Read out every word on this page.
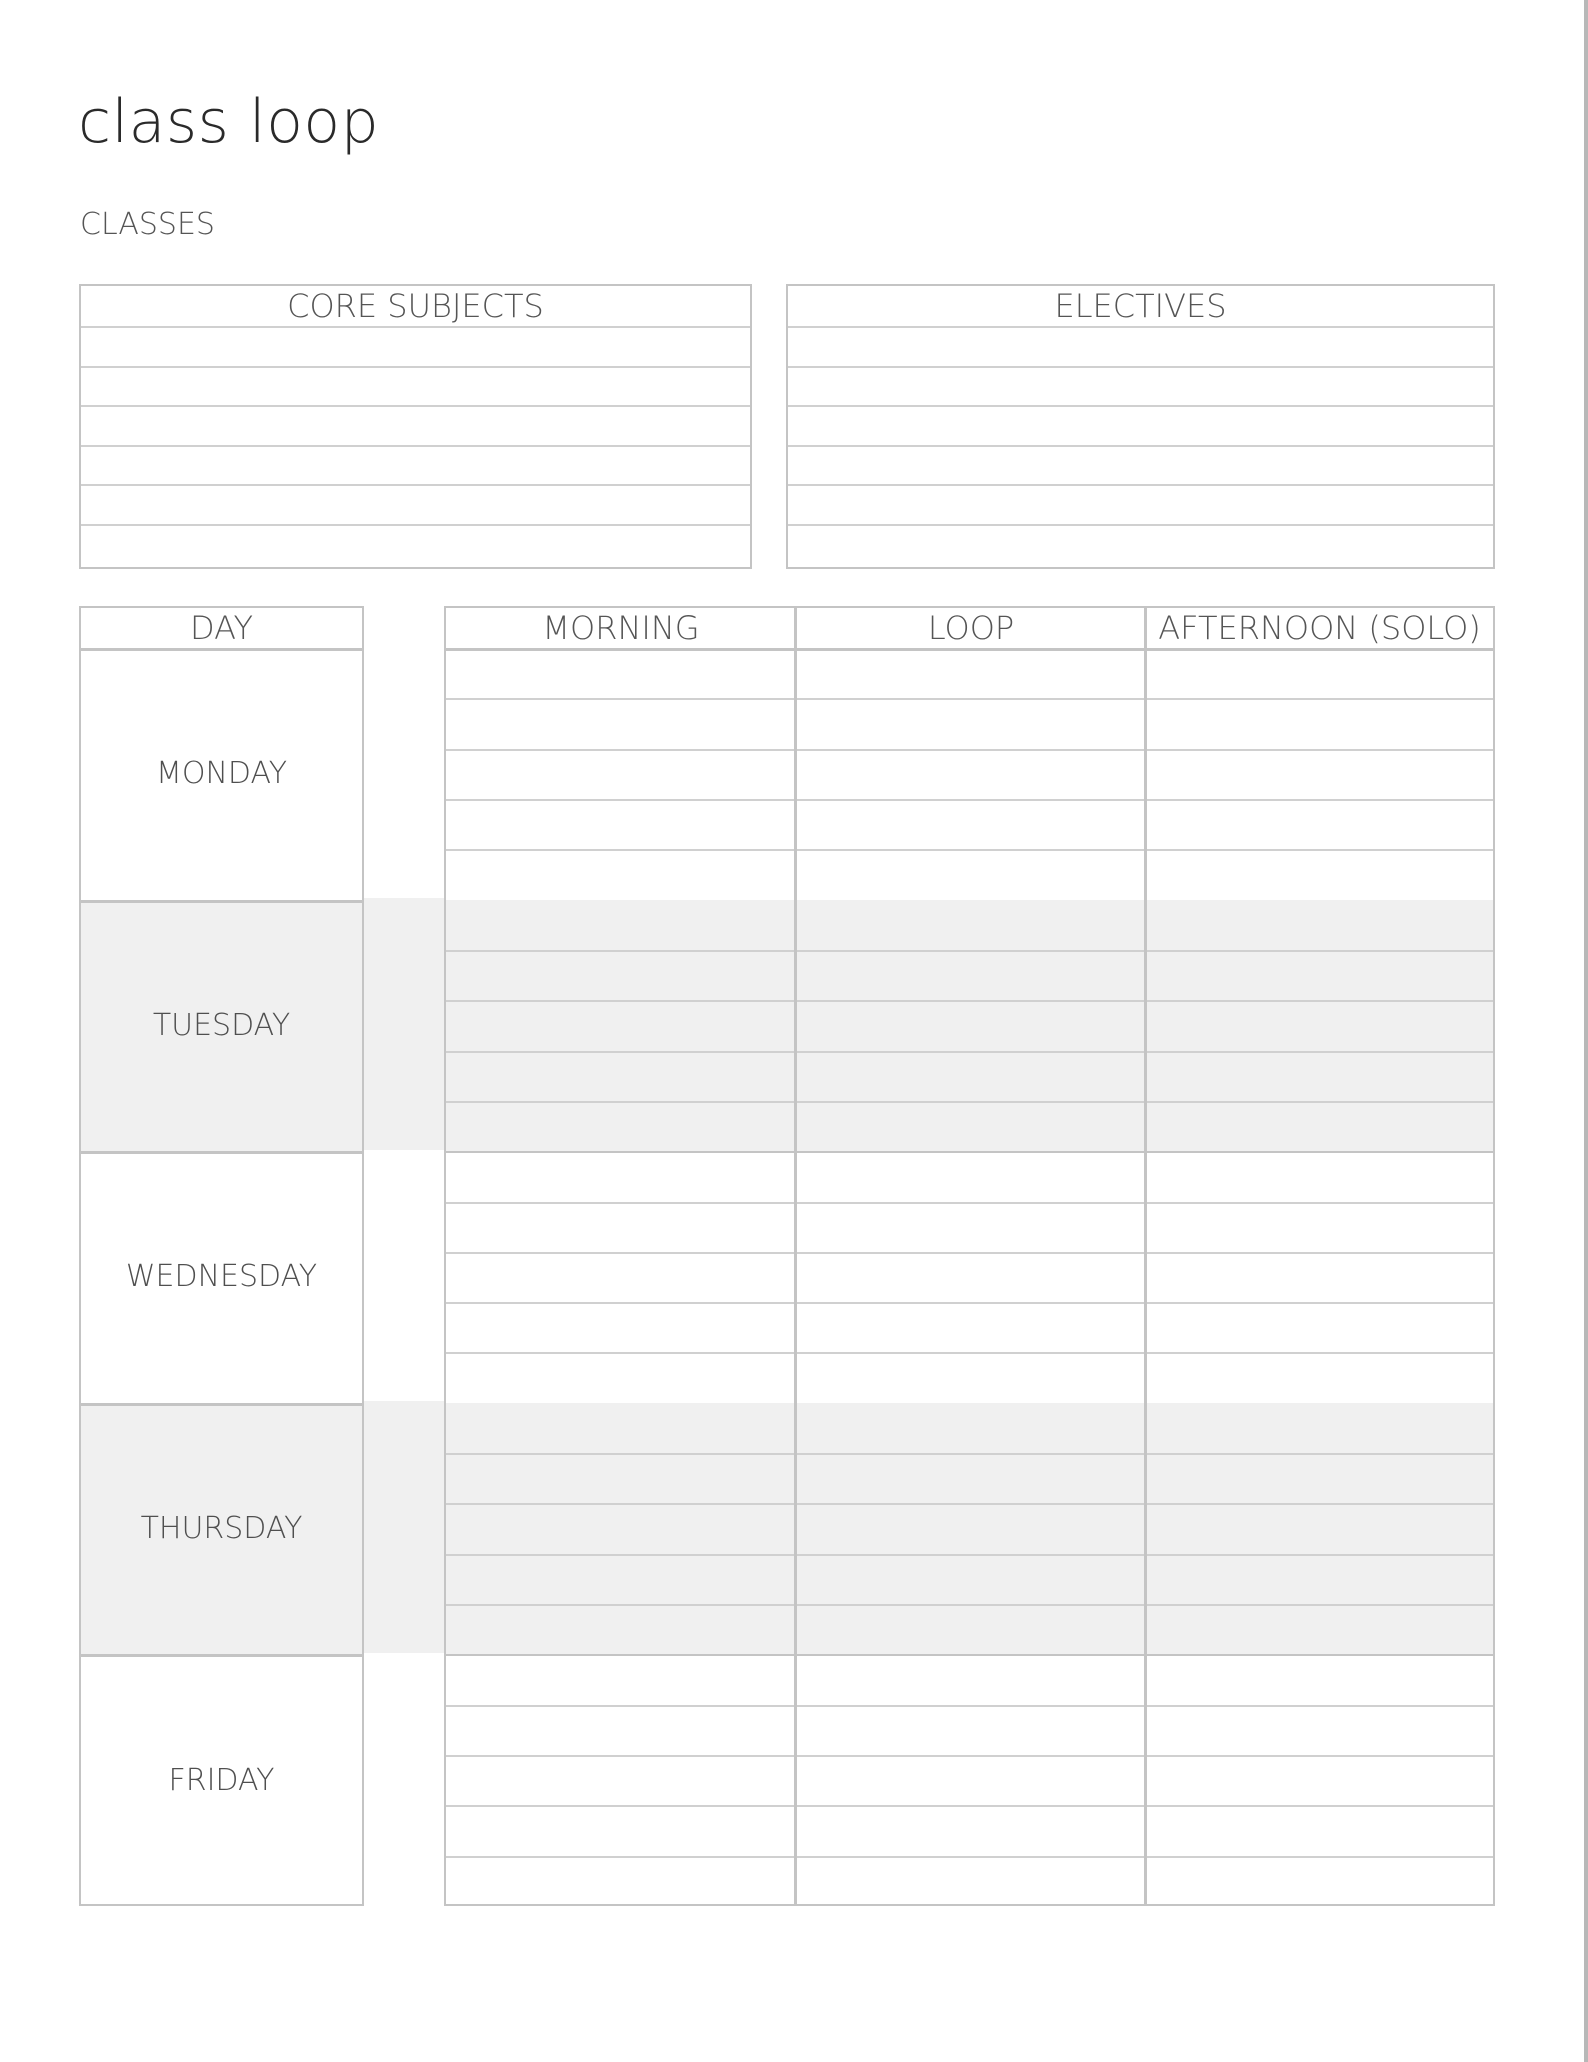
class loop
CLASSES
CORE SUBJECTS	ELECTIVES
DAY
MONDAY
TUESDAY
WEDNESDAY
THURSDAY
FRIDAY
MORNING	LOOP	AFTERNOON (SOLO)
